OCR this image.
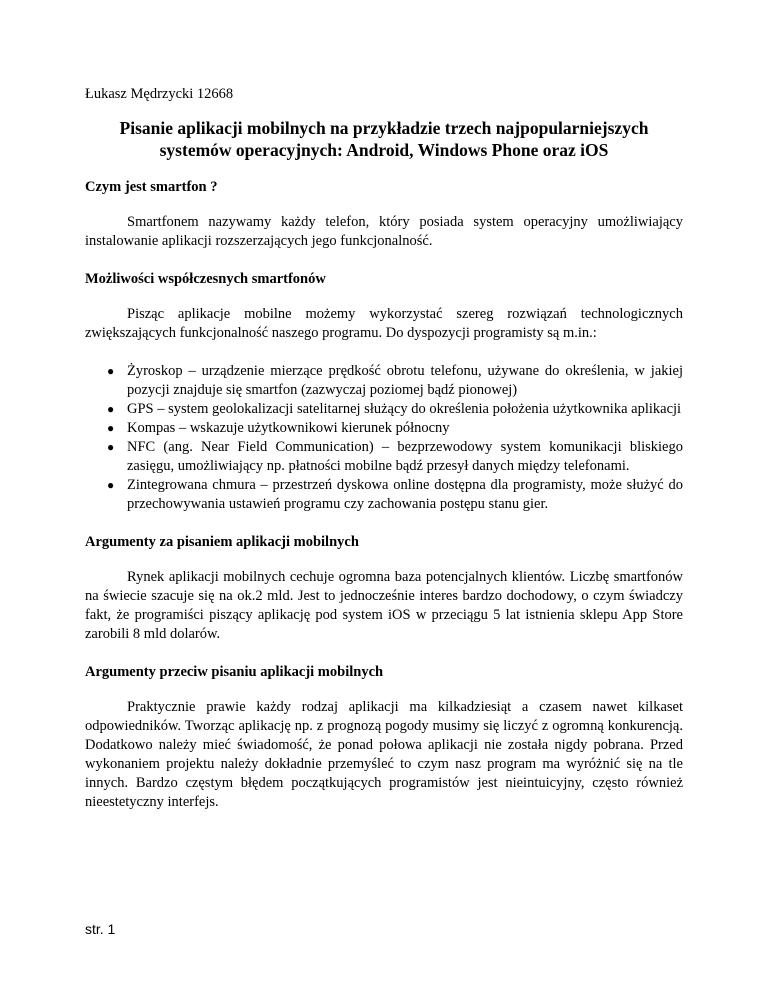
Łukasz Mędrzycki 12668

Pisanie aplikacji mobilnych na przykładzie trzech najpopularniejszych systemów operacyjnych: Android, Windows Phone oraz iOS
Czym jest smartfon ?

Smartfonem nazywamy każdy telefon, który posiada system operacyjny umożliwiający instalowanie aplikacji rozszerzających jego funkcjonalność.

Możliwości współczesnych smartfonów

Pisząc aplikacje mobilne możemy wykorzystać szereg rozwiązań technologicznych zwiększających funkcjonalność naszego programu. Do dyspozycji programisty są m.in.:

● Żyroskop – urządzenie mierzące prędkość obrotu telefonu, używane do określenia, w jakiej pozycji znajduje się smartfon (zazwyczaj poziomej bądź pionowej)
● GPS – system geolokalizacji satelitarnej służący do określenia położenia użytkownika aplikacji
● Kompas – wskazuje użytkownikowi kierunek północny
● NFC (ang. Near Field Communication) – bezprzewodowy system komunikacji bliskiego zasięgu, umożliwiający np. płatności mobilne bądź przesył danych między telefonami.
● Zintegrowana chmura – przestrzeń dyskowa online dostępna dla programisty, może służyć do przechowywania ustawień programu czy zachowania postępu stanu gier.
Argumenty za pisaniem aplikacji mobilnych

Rynek aplikacji mobilnych cechuje ogromna baza potencjalnych klientów. Liczbę smartfonów na świecie szacuje się na ok.2 mld. Jest to jednocześnie interes bardzo dochodowy, o czym świadczy fakt, że programiści piszący aplikację pod system iOS w przeciągu 5 lat istnienia sklepu App Store zarobili 8 mld dolarów.

Argumenty przeciw pisaniu aplikacji mobilnych

Praktycznie prawie każdy rodzaj aplikacji ma kilkadziesiąt a czasem nawet kilkaset odpowiedników. Tworząc aplikację np. z prognozą pogody musimy się liczyć z ogromną konkurencją. Dodatkowo należy mieć świadomość, że ponad połowa aplikacji nie została nigdy pobrana. Przed wykonaniem projektu należy dokładnie przemyśleć to czym nasz program ma wyróżnić się na tle innych. Bardzo częstym błędem początkujących programistów jest nieintuicyjny, często również nieestetyczny interfejs.

str. 1
